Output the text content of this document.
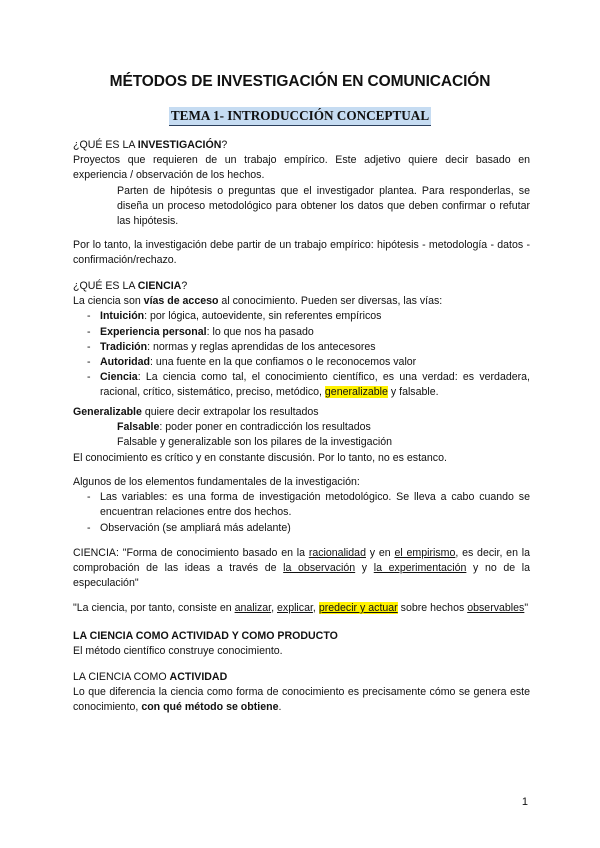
MÉTODOS DE INVESTIGACIÓN EN COMUNICACIÓN
TEMA 1- INTRODUCCIÓN CONCEPTUAL

¿QUÉ ES LA INVESTIGACIÓN?

Proyectos que requieren de un trabajo empírico. Este adjetivo quiere decir basado en experiencia / observación de los hechos.

Parten de hipótesis o preguntas que el investigador plantea. Para responderlas, se diseña un proceso metodológico para obtener los datos que deben confirmar o refutar las hipótesis.

Por lo tanto, la investigación debe partir de un trabajo empírico: hipótesis - metodología - datos - confirmación/rechazo.

¿QUÉ ES LA CIENCIA?

La ciencia son vías de acceso al conocimiento. Pueden ser diversas, las vías:

- Intuición: por lógica, autoevidente, sin referentes empíricos
- Experiencia personal: lo que nos ha pasado
- Tradición: normas y reglas aprendidas de los antecesores
- Autoridad: una fuente en la que confiamos o le reconocemos valor
- Ciencia: La ciencia como tal, el conocimiento científico, es una verdad: es verdadera, racional, crítico, sistemático, preciso, metódico, generalizable y falsable.

Generalizable quiere decir extrapolar los resultados

Falsable: poder poner en contradicción los resultados

Falsable y generalizable son los pilares de la investigación

El conocimiento es crítico y en constante discusión. Por lo tanto, no es estanco.

Algunos de los elementos fundamentales de la investigación:

- Las variables: es una forma de investigación metodológico. Se lleva a cabo cuando se encuentran relaciones entre dos hechos.
- Observación (se ampliará más adelante)

CIENCIA: "Forma de conocimiento basado en la racionalidad y en el empirismo, es decir, en la comprobación de las ideas a través de la observación y la experimentación y no de la especulación"

"La ciencia, por tanto, consiste en analizar, explicar, predecir y actuar sobre hechos observables"

LA CIENCIA COMO ACTIVIDAD Y COMO PRODUCTO

El método científico construye conocimiento.

LA CIENCIA COMO ACTIVIDAD

Lo que diferencia la ciencia como forma de conocimiento es precisamente cómo se genera este conocimiento, con qué método se obtiene.

1
